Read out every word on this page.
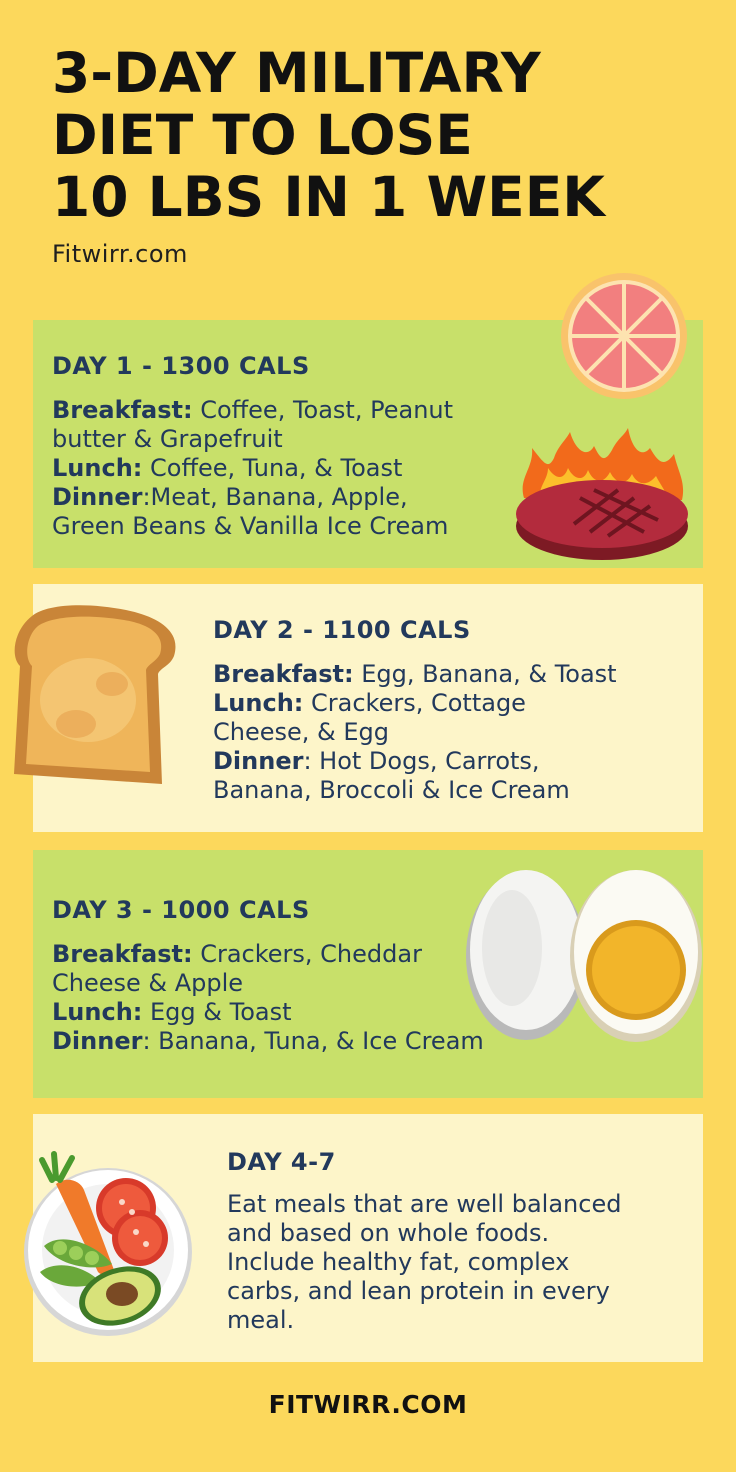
3-DAY MILITARY
DIET TO LOSE
10 LBS IN 1 WEEK
Fitwirr.com
DAY 1 - 1300 CALS
Breakfast: Coffee, Toast, Peanut
butter & Grapefruit
Lunch: Coffee, Tuna, & Toast
Dinner:Meat, Banana, Apple,
Green Beans & Vanilla Ice Cream
DAY 2 - 1100 CALS
Breakfast: Egg, Banana, & Toast
Lunch: Crackers, Cottage
Cheese, & Egg
Dinner: Hot Dogs, Carrots,
Banana, Broccoli & Ice Cream
DAY 3 - 1000 CALS
Breakfast: Crackers, Cheddar
Cheese & Apple
Lunch: Egg & Toast
Dinner: Banana, Tuna, & Ice Cream
DAY 4-7
Eat meals that are well balanced
and based on whole foods.
Include healthy fat, complex
carbs, and lean protein in every
meal.
FITWIRR.COM
